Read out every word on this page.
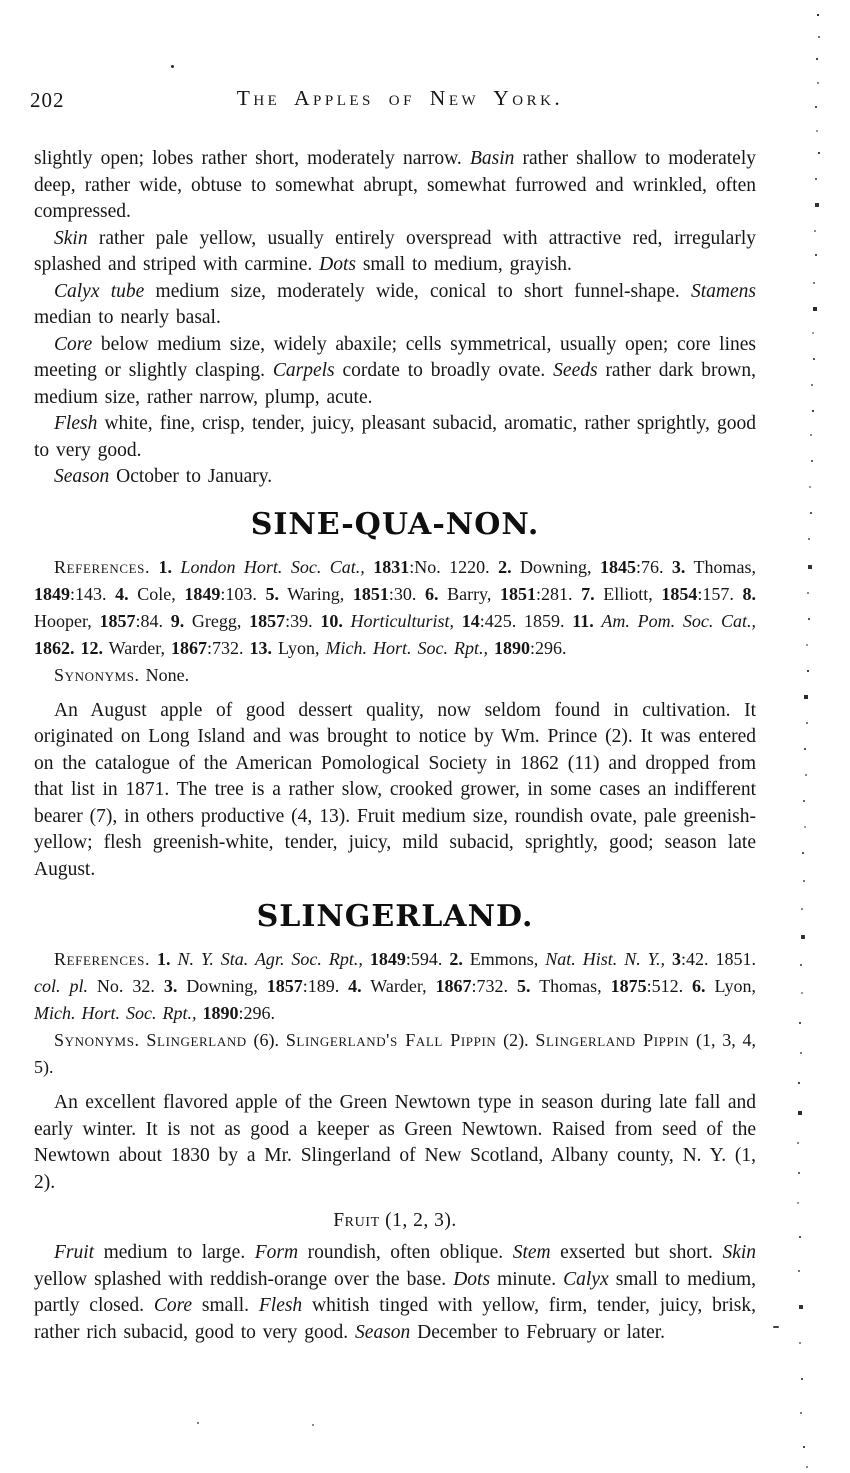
202	The Apples of New York.

slightly open; lobes rather short, moderately narrow. Basin rather shallow to moderately deep, rather wide, obtuse to somewhat abrupt, somewhat furrowed and wrinkled, often compressed.

Skin rather pale yellow, usually entirely overspread with attractive red, irregularly splashed and striped with carmine. Dots small to medium, grayish.

Calyx tube medium size, moderately wide, conical to short funnel-shape. Stamens median to nearly basal.

Core below medium size, widely abaxile; cells symmetrical, usually open; core lines meeting or slightly clasping. Carpels cordate to broadly ovate. Seeds rather dark brown, medium size, rather narrow, plump, acute.

Flesh white, fine, crisp, tender, juicy, pleasant subacid, aromatic, rather sprightly, good to very good.

Season October to January.

SINE-QUA-NON.

References. 1. London Hort. Soc. Cat., 1831:No. 1220. 2. Downing, 1845:76. 3. Thomas, 1849:143. 4. Cole, 1849:103. 5. Waring, 1851:30. 6. Barry, 1851:281. 7. Elliott, 1854:157. 8. Hooper, 1857:84. 9. Gregg, 1857:39. 10. Horticulturist, 14:425. 1859. 11. Am. Pom. Soc. Cat., 1862. 12. Warder, 1867:732. 13. Lyon, Mich. Hort. Soc. Rpt., 1890:296.

Synonyms. None.

An August apple of good dessert quality, now seldom found in cultivation. It originated on Long Island and was brought to notice by Wm. Prince (2). It was entered on the catalogue of the American Pomological Society in 1862 (11) and dropped from that list in 1871. The tree is a rather slow, crooked grower, in some cases an indifferent bearer (7), in others productive (4, 13). Fruit medium size, roundish ovate, pale greenish-yellow; flesh greenish-white, tender, juicy, mild subacid, sprightly, good; season late August.

SLINGERLAND.

References. 1. N. Y. Sta. Agr. Soc. Rpt., 1849:594. 2. Emmons, Nat. Hist. N. Y., 3:42. 1851. col. pl. No. 32. 3. Downing, 1857:189. 4. Warder, 1867:732. 5. Thomas, 1875:512. 6. Lyon, Mich. Hort. Soc. Rpt., 1890:296.

Synonyms. Slingerland (6). Slingerland's Fall Pippin (2). Slingerland Pippin (1, 3, 4, 5).

An excellent flavored apple of the Green Newtown type in season during late fall and early winter. It is not as good a keeper as Green Newtown. Raised from seed of the Newtown about 1830 by a Mr. Slingerland of New Scotland, Albany county, N. Y. (1, 2).

Fruit (1, 2, 3).

Fruit medium to large. Form roundish, often oblique. Stem exserted but short. Skin yellow splashed with reddish-orange over the base. Dots minute. Calyx small to medium, partly closed. Core small. Flesh whitish tinged with yellow, firm, tender, juicy, brisk, rather rich subacid, good to very good. Season December to February or later.
